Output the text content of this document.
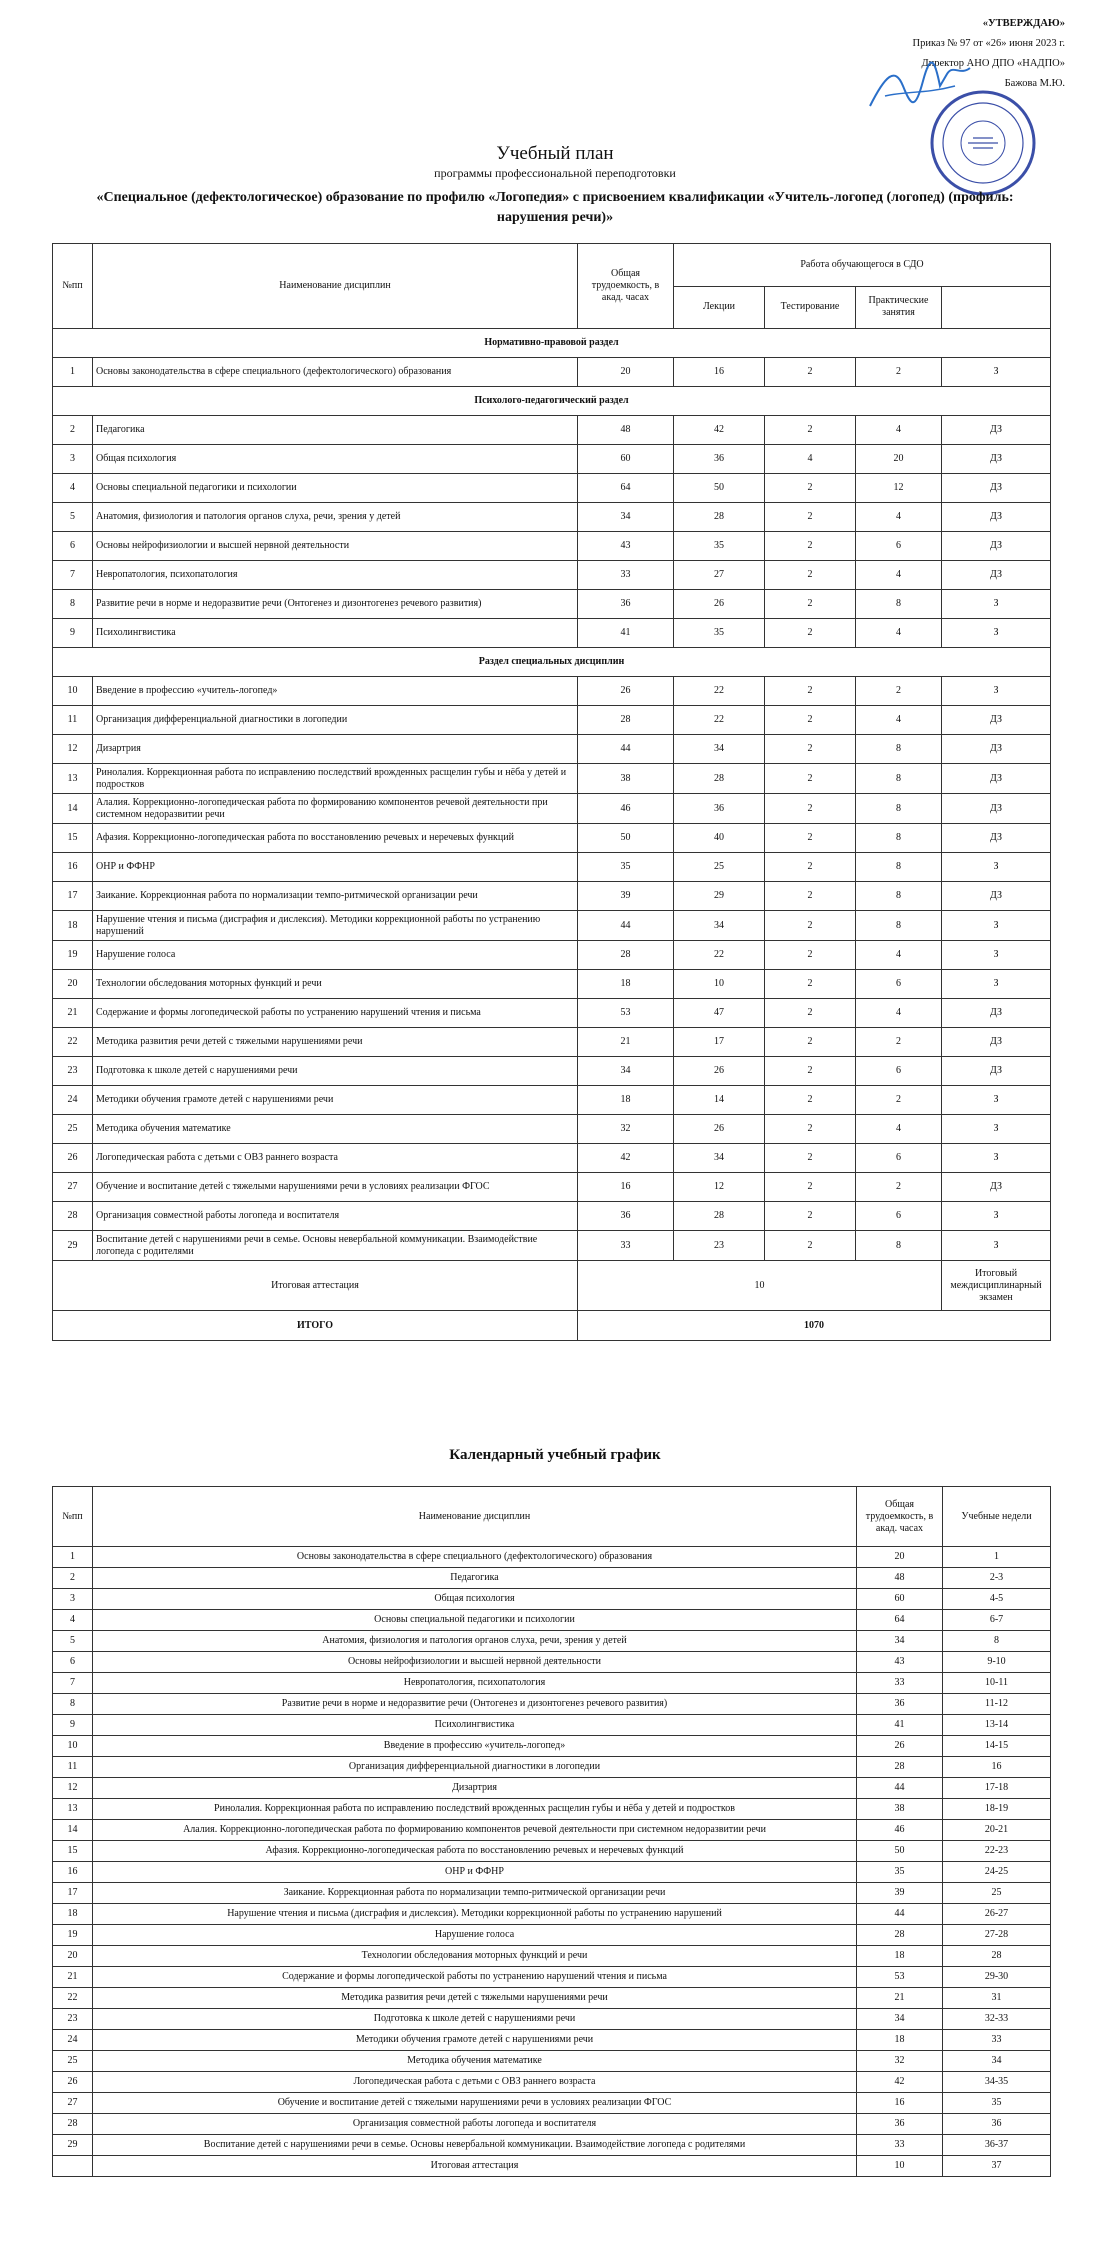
«УТВЕРЖДАЮ»
Приказ № 97 от «26» июня 2023 г.
Директор АНО ДПО «НАДПО»
Бажова М.Ю.
Учебный план
программы профессиональной переподготовки
«Специальное (дефектологическое) образование по профилю «Логопедия» с присвоением квалификации «Учитель-логопед (логопед) (профиль: нарушения речи)»
№пп	Наименование дисциплин	Общая трудоемкость, в акад. часах	Работа обучающегося в СДО	
			Лекции	Тестирование	Практические занятия		
Нормативно-правовой раздел							
1	Основы законодательства в сфере специального (дефектологического) образования	20	16	2	2	З	
Психолого-педагогический раздел							
2	Педагогика	48	42	2	4	ДЗ	
3	Общая психология	60	36	4	20	ДЗ	
4	Основы специальной педагогики и психологии	64	50	2	12	ДЗ	
5	Анатомия, физиология и патология органов слуха, речи, зрения у детей	34	28	2	4	ДЗ	
6	Основы нейрофизиологии и высшей нервной деятельности	43	35	2	6	ДЗ	
7	Невропатология, психопатология	33	27	2	4	ДЗ	
8	Развитие речи в норме и недоразвитие речи (Онтогенез и дизонтогенез речевого развития)	36	26	2	8	З	
9	Психолингвистика	41	35	2	4	З	
Раздел специальных дисциплин							
10	Введение в профессию «учитель-логопед»	26	22	2	2	З	
11	Организация дифференциальной диагностики в логопедии	28	22	2	4	ДЗ	
12	Дизартрия	44	34	2	8	ДЗ	
13	Ринолалия. Коррекционная работа по исправлению последствий врожденных расщелин губы и нёба у детей и подростков	38	28	2	8	ДЗ	
14	Алалия. Коррекционно-логопедическая работа по формированию компонентов речевой деятельности при системном недоразвитии речи	46	36	2	8	ДЗ	
15	Афазия. Коррекционно-логопедическая работа по восстановлению речевых и неречевых функций	50	40	2	8	ДЗ	
16	ОНР и ФФНР	35	25	2	8	З	
17	Заикание. Коррекционная работа по нормализации темпо-ритмической организации речи	39	29	2	8	ДЗ	
18	Нарушение чтения и письма (дисграфия и дислексия). Методики коррекционной работы по устранению нарушений	44	34	2	8	З	
19	Нарушение голоса	28	22	2	4	З	
20	Технологии обследования моторных функций и речи	18	10	2	6	З	
21	Содержание и формы логопедической работы по устранению нарушений чтения и письма	53	47	2	4	ДЗ	
22	Методика развития речи детей с тяжелыми нарушениями речи	21	17	2	2	ДЗ	
23	Подготовка к школе детей с нарушениями речи	34	26	2	6	ДЗ	
24	Методики обучения грамоте детей с нарушениями речи	18	14	2	2	З	
25	Методика обучения математике	32	26	2	4	З	
26	Логопедическая работа с детьми с ОВЗ раннего возраста	42	34	2	6	З	
27	Обучение и воспитание детей с тяжелыми нарушениями речи в условиях реализации ФГОС	16	12	2	2	ДЗ	
28	Организация совместной работы логопеда и воспитателя	36	28	2	6	З	
29	Воспитание детей с нарушениями речи в семье. Основы невербальной коммуникации. Взаимодействие логопеда с родителями	33	23	2	8	З	
Итоговая аттестация		10				Итоговый междисциплинарный экзамен	
ИТОГО		1070					
Календарный учебный график
№пп	Наименование дисциплин	Общая трудоемкость, в акад. часах	Учебные недели
1	Основы законодательства в сфере специального (дефектологического) образования	20	1
2	Педагогика	48	2-3
3	Общая психология	60	4-5
4	Основы специальной педагогики и психологии	64	6-7
5	Анатомия, физиология и патология органов слуха, речи, зрения у детей	34	8
6	Основы нейрофизиологии и высшей нервной деятельности	43	9-10
7	Невропатология, психопатология	33	10-11
8	Развитие речи в норме и недоразвитие речи (Онтогенез и дизонтогенез речевого развития)	36	11-12
9	Психолингвистика	41	13-14
10	Введение в профессию «учитель-логопед»	26	14-15
11	Организация дифференциальной диагностики в логопедии	28	16
12	Дизартрия	44	17-18
13	Ринолалия. Коррекционная работа по исправлению последствий врожденных расщелин губы и нёба у детей и подростков	38	18-19
14	Алалия. Коррекционно-логопедическая работа по формированию компонентов речевой деятельности при системном недоразвитии речи	46	20-21
15	Афазия. Коррекционно-логопедическая работа по восстановлению речевых и неречевых функций	50	22-23
16	ОНР и ФФНР	35	24-25
17	Заикание. Коррекционная работа по нормализации темпо-ритмической организации речи	39	25
18	Нарушение чтения и письма (дисграфия и дислексия). Методики коррекционной работы по устранению нарушений	44	26-27
19	Нарушение голоса	28	27-28
20	Технологии обследования моторных функций и речи	18	28
21	Содержание и формы логопедической работы по устранению нарушений чтения и письма	53	29-30
22	Методика развития речи детей с тяжелыми нарушениями речи	21	31
23	Подготовка к школе детей с нарушениями речи	34	32-33
24	Методики обучения грамоте детей с нарушениями речи	18	33
25	Методика обучения математике	32	34
26	Логопедическая работа с детьми с ОВЗ раннего возраста	42	34-35
27	Обучение и воспитание детей с тяжелыми нарушениями речи в условиях реализации ФГОС	16	35
28	Организация совместной работы логопеда и воспитателя	36	36
29	Воспитание детей с нарушениями речи в семье. Основы невербальной коммуникации. Взаимодействие логопеда с родителями	33	36-37
	Итоговая аттестация	10	37
